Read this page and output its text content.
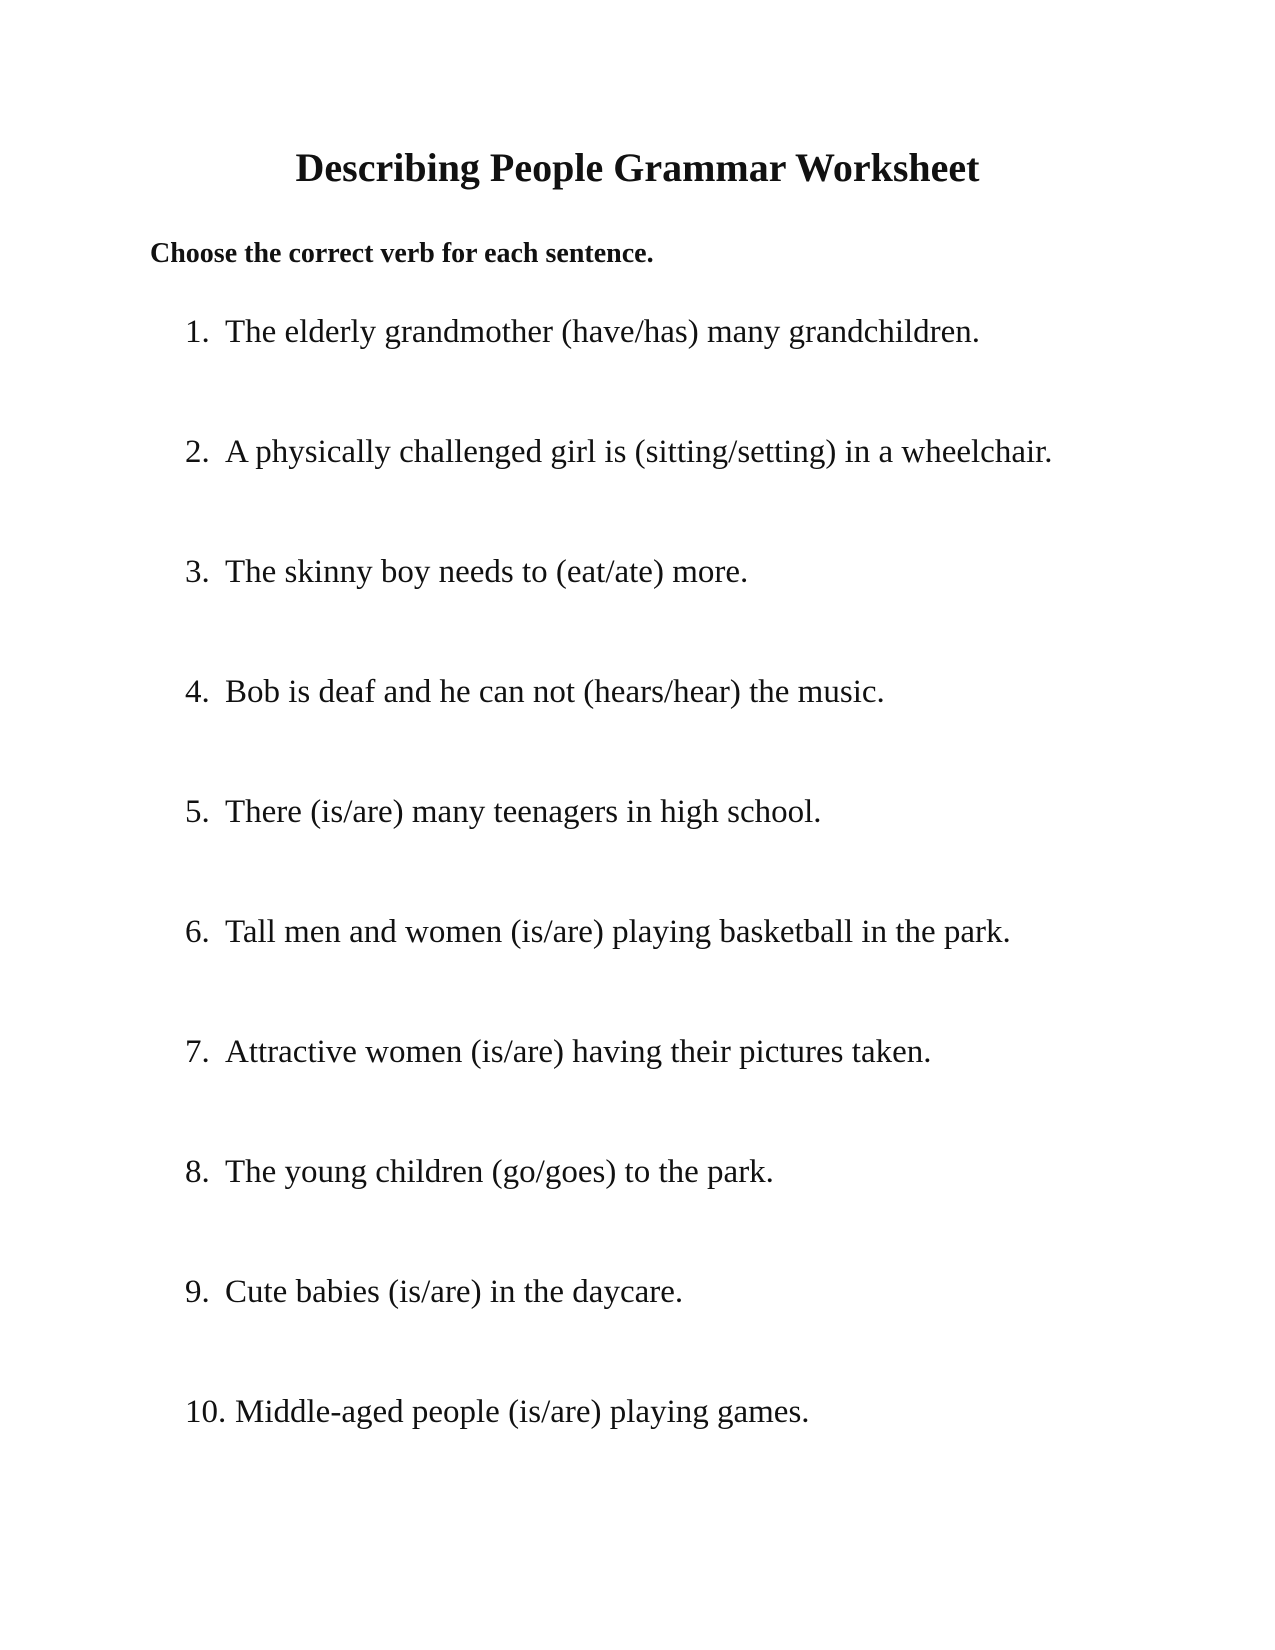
Describing People Grammar Worksheet

Choose the correct verb for each sentence.

1. The elderly grandmother (have/has) many grandchildren.
2. A physically challenged girl is (sitting/setting) in a wheelchair.
3. The skinny boy needs to (eat/ate) more.
4. Bob is deaf and he can not (hears/hear) the music.
5. There (is/are) many teenagers in high school.
6. Tall men and women (is/are) playing basketball in the park.
7. Attractive women (is/are) having their pictures taken.
8. The young children (go/goes) to the park.
9. Cute babies (is/are) in the daycare.
10. Middle-aged people (is/are) playing games.
